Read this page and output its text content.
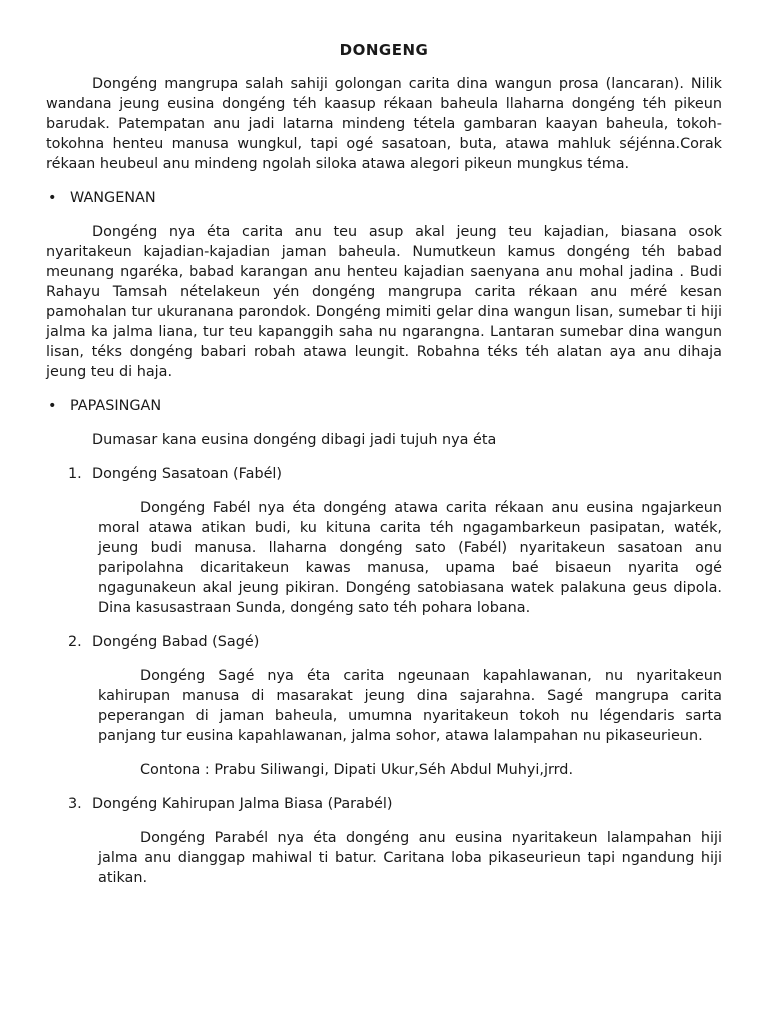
DONGENG

Dongéng mangrupa salah sahiji golongan carita dina wangun prosa (lancaran). Nilik wandana jeung eusina dongéng téh kaasup rékaan baheula llaharna dongéng téh pikeun barudak. Patempatan anu jadi latarna mindeng tétela gambaran kaayan baheula, tokoh-tokohna henteu manusa wungkul, tapi ogé sasatoan, buta, atawa mahluk séjénna.Corak rékaan heubeul anu mindeng ngolah siloka atawa alegori pikeun mungkus téma.

• WANGENAN

Dongéng nya éta carita anu teu asup akal jeung teu kajadian, biasana osok nyaritakeun kajadian-kajadian jaman baheula. Numutkeun kamus dongéng téh babad meunang ngaréka, babad karangan anu henteu kajadian saenyana anu mohal jadina . Budi Rahayu Tamsah nételakeun yén dongéng mangrupa carita rékaan anu méré kesan pamohalan tur ukuranana parondok. Dongéng mimiti gelar dina wangun lisan, sumebar ti hiji jalma ka jalma liana, tur teu kapanggih saha nu ngarangna. Lantaran sumebar dina wangun lisan, téks dongéng babari robah atawa leungit. Robahna téks téh alatan aya anu dihaja jeung teu di haja.

• PAPASINGAN

Dumasar kana eusina dongéng dibagi jadi tujuh nya éta

1. Dongéng Sasatoan (Fabél)

Dongéng Fabél nya éta dongéng atawa carita rékaan anu eusina ngajarkeun moral atawa atikan budi, ku kituna carita téh ngagambarkeun pasipatan, waték, jeung budi manusa. llaharna dongéng sato (Fabél) nyaritakeun sasatoan anu paripolahna dicaritakeun kawas manusa, upama baé bisaeun nyarita ogé ngagunakeun akal jeung pikiran. Dongéng satobiasana watek palakuna geus dipola. Dina kasusastraan Sunda, dongéng sato téh pohara lobana.

2. Dongéng Babad (Sagé)

Dongéng Sagé nya éta carita ngeunaan kapahlawanan, nu nyaritakeun kahirupan manusa di masarakat jeung dina sajarahna. Sagé mangrupa carita peperangan di jaman baheula, umumna nyaritakeun tokoh nu légendaris sarta panjang tur eusina kapahlawanan, jalma sohor, atawa lalampahan nu pikaseurieun.

Contona : Prabu Siliwangi, Dipati Ukur,Séh Abdul Muhyi,jrrd.

3. Dongéng Kahirupan Jalma Biasa (Parabél)

Dongéng Parabél nya éta dongéng anu eusina nyaritakeun lalampahan hiji jalma anu dianggap mahiwal ti batur. Caritana loba pikaseurieun tapi ngandung hiji atikan.
